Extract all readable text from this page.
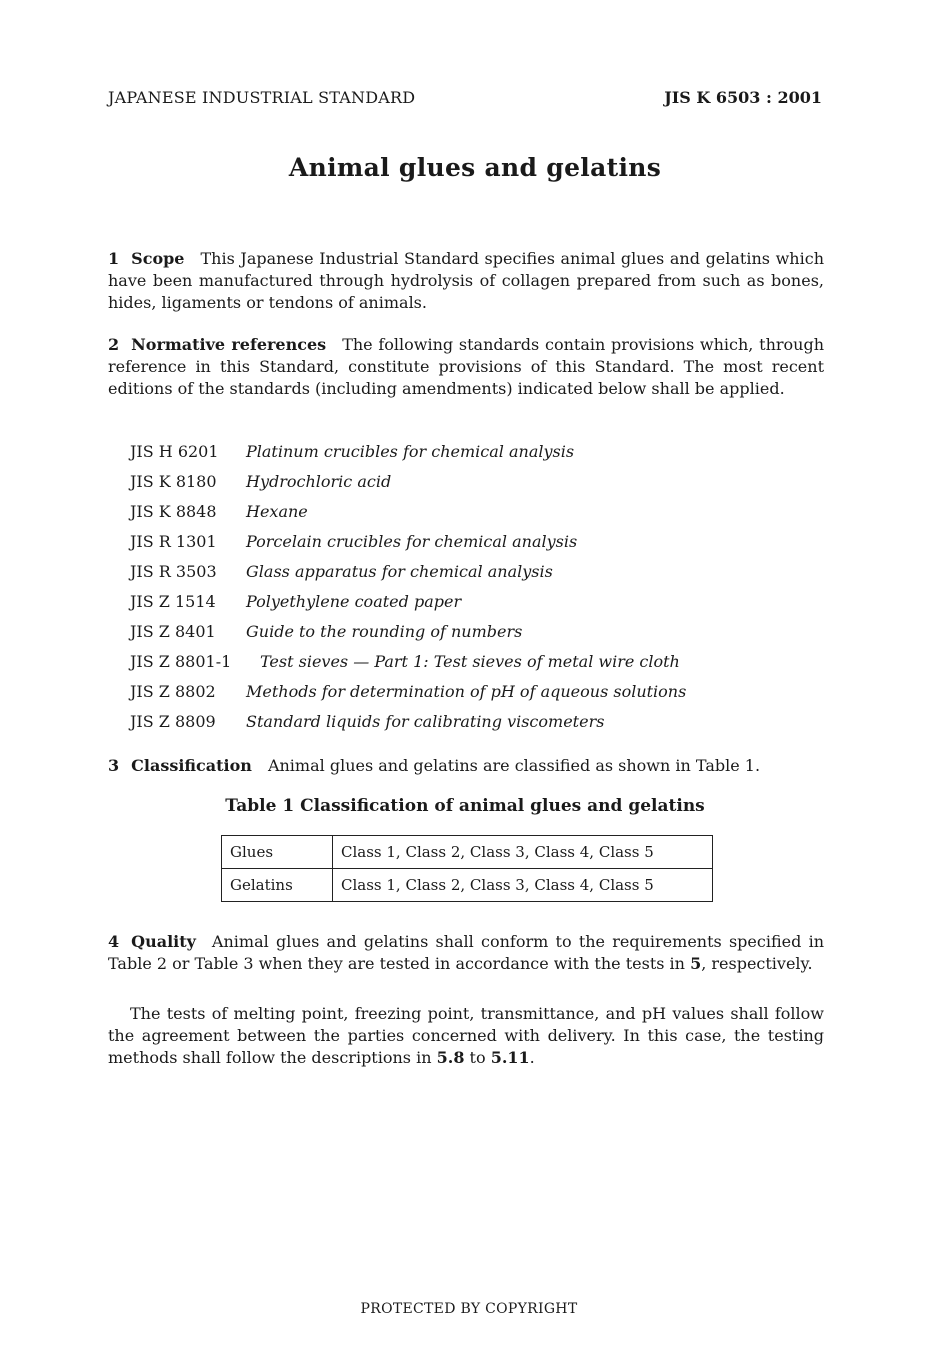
JAPANESE INDUSTRIAL STANDARD	JIS K 6503 : 2001
Animal glues and gelatins
1 Scope This Japanese Industrial Standard specifies animal glues and gelatins which have been manufactured through hydrolysis of collagen prepared from such as bones, hides, ligaments or tendons of animals.
2 Normative references The following standards contain provisions which, through reference in this Standard, constitute provisions of this Standard. The most recent editions of the standards (including amendments) indicated below shall be applied.
JIS H 6201 Platinum crucibles for chemical analysis
JIS K 8180 Hydrochloric acid
JIS K 8848 Hexane
JIS R 1301 Porcelain crucibles for chemical analysis
JIS R 3503 Glass apparatus for chemical analysis
JIS Z 1514 Polyethylene coated paper
JIS Z 8401 Guide to the rounding of numbers
JIS Z 8801-1 Test sieves — Part 1: Test sieves of metal wire cloth
JIS Z 8802 Methods for determination of pH of aqueous solutions
JIS Z 8809 Standard liquids for calibrating viscometers
3 Classification Animal glues and gelatins are classified as shown in Table 1.
Table 1 Classification of animal glues and gelatins
Glues	Class 1, Class 2, Class 3, Class 4, Class 5
Gelatins	Class 1, Class 2, Class 3, Class 4, Class 5
4 Quality Animal glues and gelatins shall conform to the requirements specified in Table 2 or Table 3 when they are tested in accordance with the tests in 5, respectively.
The tests of melting point, freezing point, transmittance, and pH values shall follow the agreement between the parties concerned with delivery. In this case, the testing methods shall follow the descriptions in 5.8 to 5.11.
PROTECTED BY COPYRIGHT
